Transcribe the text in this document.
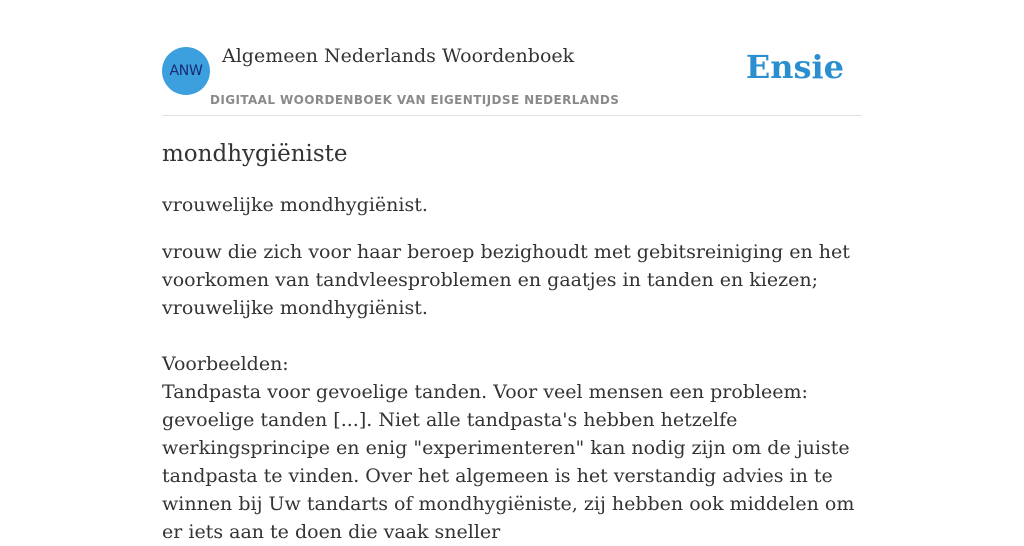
ANW
Algemeen Nederlands Woordenboek
DIGITAAL WOORDENBOEK VAN EIGENTIJDSE NEDERLANDS
Ensie
mondhygiëniste

vrouwelijke mondhygiënist.

vrouw die zich voor haar beroep bezighoudt met gebitsreiniging en het voorkomen van tandvleesproblemen en gaatjes in tanden en kiezen; vrouwelijke mondhygiënist.

Voorbeelden:

Tandpasta voor gevoelige tanden. Voor veel mensen een probleem: gevoelige tanden [...]. Niet alle tandpasta's hebben hetzelfe werkingsprincipe en enig "experimenteren" kan nodig zijn om de juiste tandpasta te vinden. Over het algemeen is het verstandig advies in te winnen bij Uw tandarts of mondhygiëniste, zij hebben ook middelen om er iets aan te doen die vaak sneller
